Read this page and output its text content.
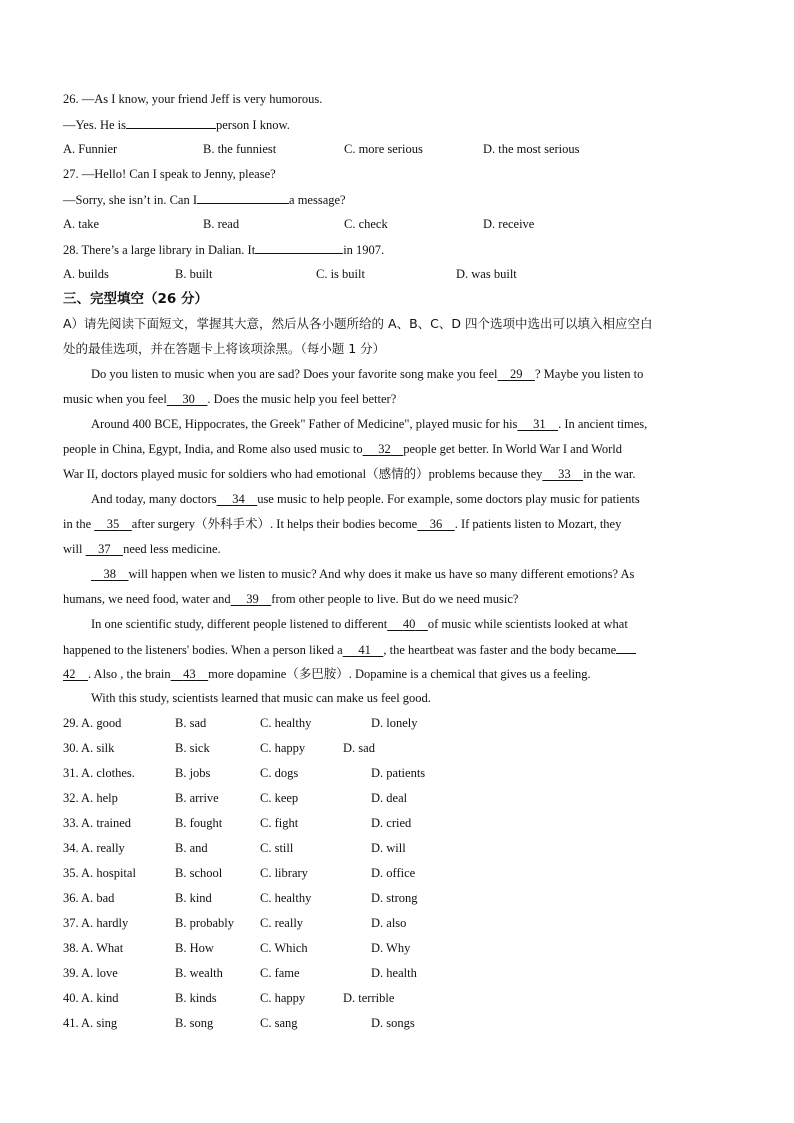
26. —As I know, your friend Jeff is very humorous.
—Yes. He is	person I know.
A. Funnier	B. the funniest	C. more serious	D. the most serious
27. —Hello! Can I speak to Jenny, please?
—Sorry, she isn’t in. Can I	a message?
A. take	B. read	C. check	D. receive
28. There’s a large library in Dalian. It	in 1907.
A. builds	B. built	C. is built	D. was built
三、完型填空（26 分）
A）请先阅读下面短文，掌握其大意，然后从各小题所给的 A、B、C、D 四个选项中选出可以填入相应空白
处的最佳选项，并在答题卡上将该项涂黑。（每小题 1 分）
Do you listen to music when you are sad? Does your favorite song make you feel 29 ? Maybe you listen to
music when you feel 30 . Does the music help you feel better?
Around 400 BCE, Hippocrates, the Greek" Father of Medicine", played music for his 31 . In ancient times,
people in China, Egypt, India, and Rome also used music to 32 people get better. In World War I and World
War II, doctors played music for soldiers who had emotional（感情的）problems because they 33 in the war.
And today, many doctors 34 use music to help people. For example, some doctors play music for patients
in the 35 after surgery（外科手术）. It helps their bodies become 36 . If patients listen to Mozart, they
will 37 need less medicine.
38 will happen when we listen to music? And why does it make us have so many different emotions? As
humans, we need food, water and 39 from other people to live. But do we need music?
In one scientific study, different people listened to different 40 of music while scientists looked at what
happened to the listeners' bodies. When a person liked a 41 , the heartbeat was faster and the body became
42 . Also , the brain 43 more dopamine（多巴胺）. Dopamine is a chemical that gives us a feeling.
With this study, scientists learned that music can make us feel good.
29. A. good	B. sad	C. healthy	D. lonely
30. A. silk	B. sick	C. happy	D. sad
31. A. clothes.	B. jobs	C. dogs	D. patients
32. A. help	B. arrive	C. keep	D. deal
33. A. trained	B. fought	C. fight	D. cried
34. A. really	B. and	C. still	D. will
35. A. hospital	B. school	C. library	D. office
36. A. bad	B. kind	C. healthy	D. strong
37. A. hardly	B. probably C. really	D. also
38. A. What	B. How	C. Which	D. Why
39. A. love	B. wealth	C. fame	D. health
40. A. kind	B. kinds	C. happy	D. terrible
41. A. sing	B. song	C. sang	D. songs
